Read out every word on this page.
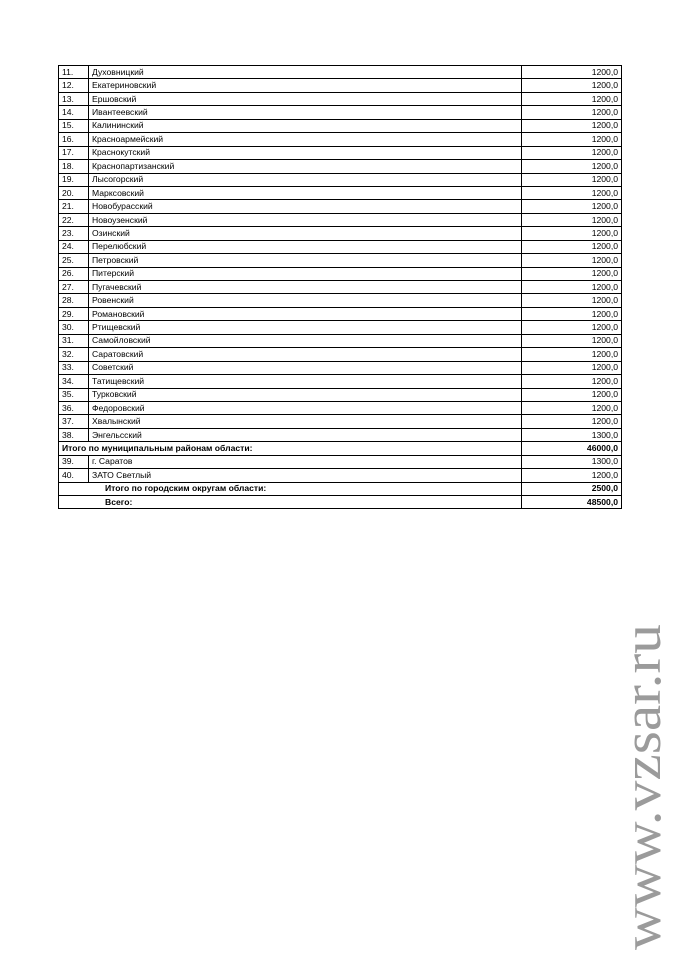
11.	Духовницкий	1200,0
12.	Екатериновский	1200,0
13.	Ершовский	1200,0
14.	Ивантеевский	1200,0
15.	Калининский	1200,0
16.	Красноармейский	1200,0
17.	Краснокутский	1200,0
18.	Краснопартизанский	1200,0
19.	Лысогорский	1200,0
20.	Марксовский	1200,0
21.	Новобурасский	1200,0
22.	Новоузенский	1200,0
23.	Озинский	1200,0
24.	Перелюбский	1200,0
25.	Петровский	1200,0
26.	Питерский	1200,0
27.	Пугачевский	1200,0
28.	Ровенский	1200,0
29.	Романовский	1200,0
30.	Ртищевский	1200,0
31.	Самойловский	1200,0
32.	Саратовский	1200,0
33.	Советский	1200,0
34.	Татищевский	1200,0
35.	Турковский	1200,0
36.	Федоровский	1200,0
37.	Хвалынский	1200,0
38.	Энгельсский	1300,0
Итого по муниципальным районам области:		46000,0
39.	г. Саратов	1300,0
40.	ЗАТО Светлый	1200,0
Итого по городским округам области:		2500,0
Всего:		48500,0
www.vzsar.ru
